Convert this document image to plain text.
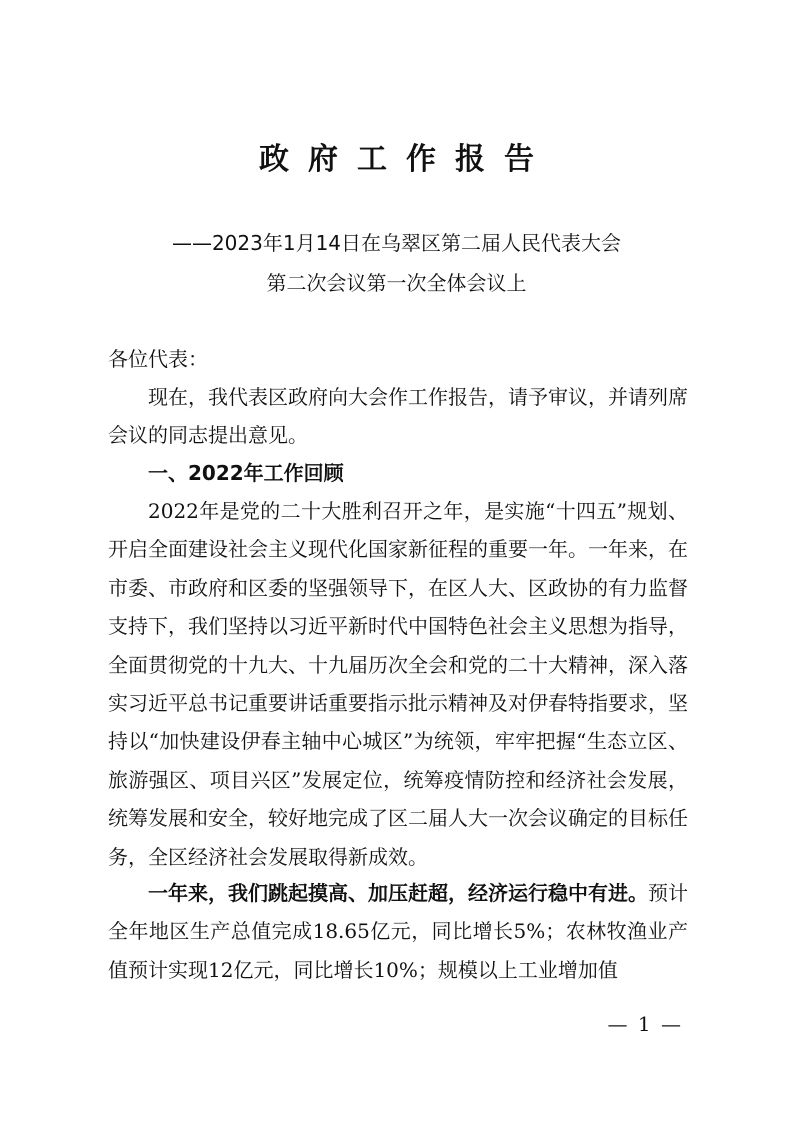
政府工作报告
——2023年1月14日在乌翠区第二届人民代表大会
第二次会议第一次全体会议上
各位代表：
现在，我代表区政府向大会作工作报告，请予审议，并请列席会议的同志提出意见。
一、2022年工作回顾
2022年是党的二十大胜利召开之年，是实施“十四五”规划、开启全面建设社会主义现代化国家新征程的重要一年。一年来，在市委、市政府和区委的坚强领导下，在区人大、区政协的有力监督支持下，我们坚持以习近平新时代中国特色社会主义思想为指导，全面贯彻党的十九大、十九届历次全会和党的二十大精神，深入落实习近平总书记重要讲话重要指示批示精神及对伊春特指要求，坚持以“加快建设伊春主轴中心城区”为统领，牢牢把握“生态立区、旅游强区、项目兴区”发展定位，统筹疫情防控和经济社会发展，统筹发展和安全，较好地完成了区二届人大一次会议确定的目标任务，全区经济社会发展取得新成效。
一年来，我们跳起摸高、加压赶超，经济运行稳中有进。预计全年地区生产总值完成18.65亿元，同比增长5%；农林牧渔业产值预计实现12亿元，同比增长10%；规模以上工业增加值
— 1 —
